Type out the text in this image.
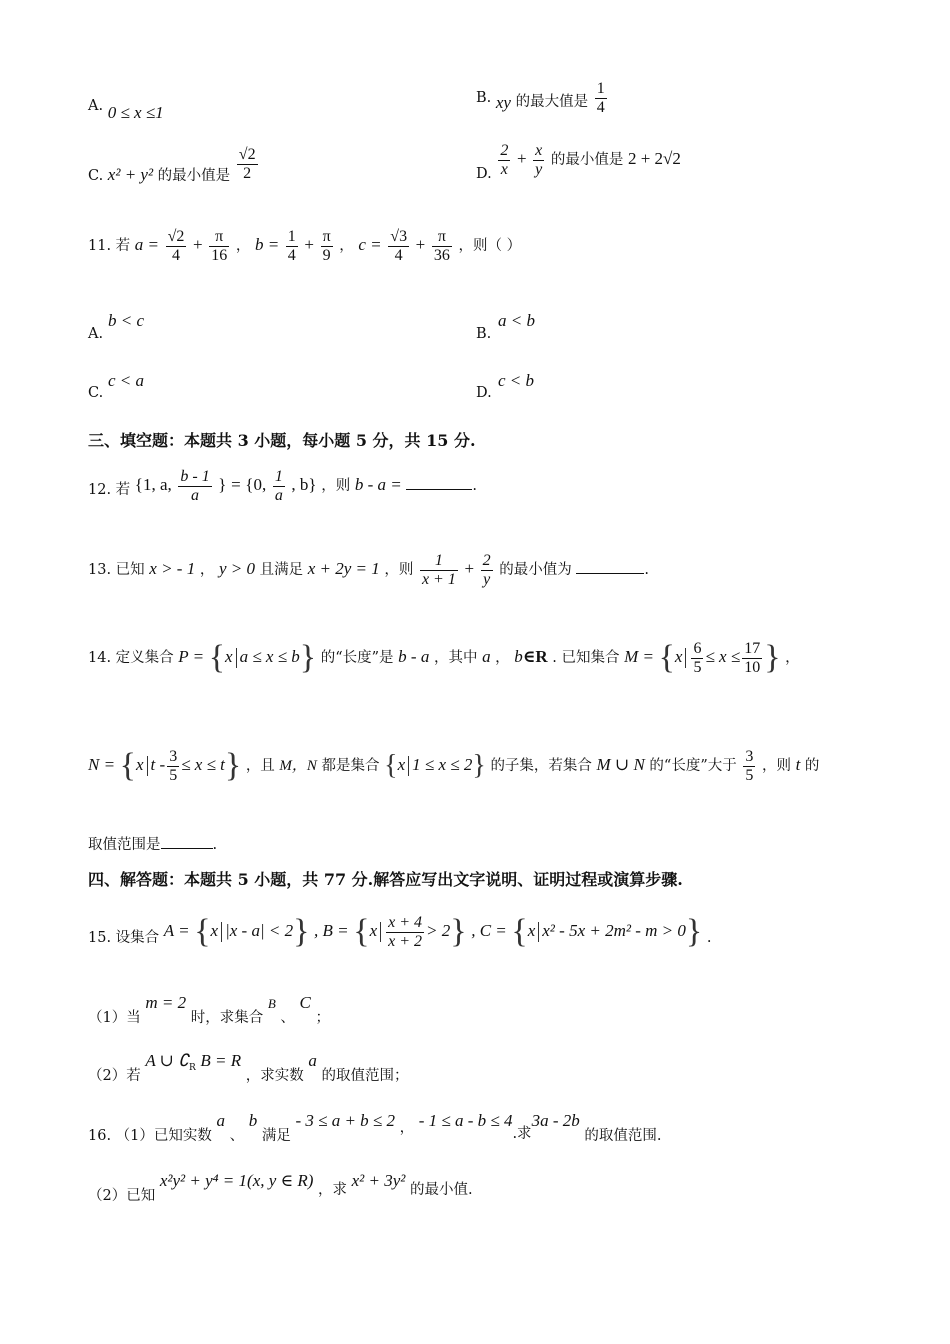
A. 0 ≤ x ≤1
B. xy 的最大值是 $\frac{1}{4}$
C. x² + y² 的最小值是 $\frac{√2}{2}$	D. $\frac{2}{x} + \frac{x}{y}$ 的最小值是 2 + 2√2
11. 若 $a = \frac{√2}{4} + \frac{\pi}{16}$ ， $b = \frac{1}{4} + \frac{\pi}{9}$ ， $c = \frac{√3}{4} + \frac{\pi}{36}$ ，则（ ）
b < c
A.
a < b
B.
c < a
C.
c < b
D.
三、填空题：本题共 3 小题，每小题 5 分，共 15 分.
12. 若 {1, a, $\frac{b - 1}{a}$ } = {0, $\frac{1}{a}$ , b} ，则 b - a =	.
13. 已知 x > - 1 ， y > 0 且满足 x + 2y = 1 ，则 $\frac{1}{x + 1} + \frac{2}{y}$ 的最小值为	.
14. 定义集合 P = {x a ≤ x ≤ b} 的“长度”是 b - a ，其中 a ， b∈R . 已知集合 $M = \{x \frac{6}{5} \le x \le \frac{17}{10}$ } ，
N = {x $t - \frac{3}{5} \le x \le t$} ，且 M，N 都是集合 {x 1 ≤ x ≤ 2} 的子集，若集合 M ∪ N 的“长度”大于 $\frac{3}{5}$ ，则 t 的
取值范围是	.
四、解答题：本题共 5 小题，共 77 分.解答应写出文字说明、证明过程或演算步骤.
15. 设集合 A = {x |x - a| < 2} , $B = \{x \frac{x + 4}{x + 2} > 2\}$ , C = {x x² - 5x + 2m² - m > 0} .
（1）当 m = 2 时，求集合 B 、 C ；
（2）若 A ∪ $∁_R$ B = R ，求实数 a 的取值范围；
16. （1）已知实数 a 、 b 满足 - 3 ≤ a + b ≤ 2 ， - 1 ≤ a - b ≤ 4.求3a - 2b 的取值范围.
（2）已知 x²y² + y⁴ = 1(x, y ∈ R) ，求 x² + 3y² 的最小值.
